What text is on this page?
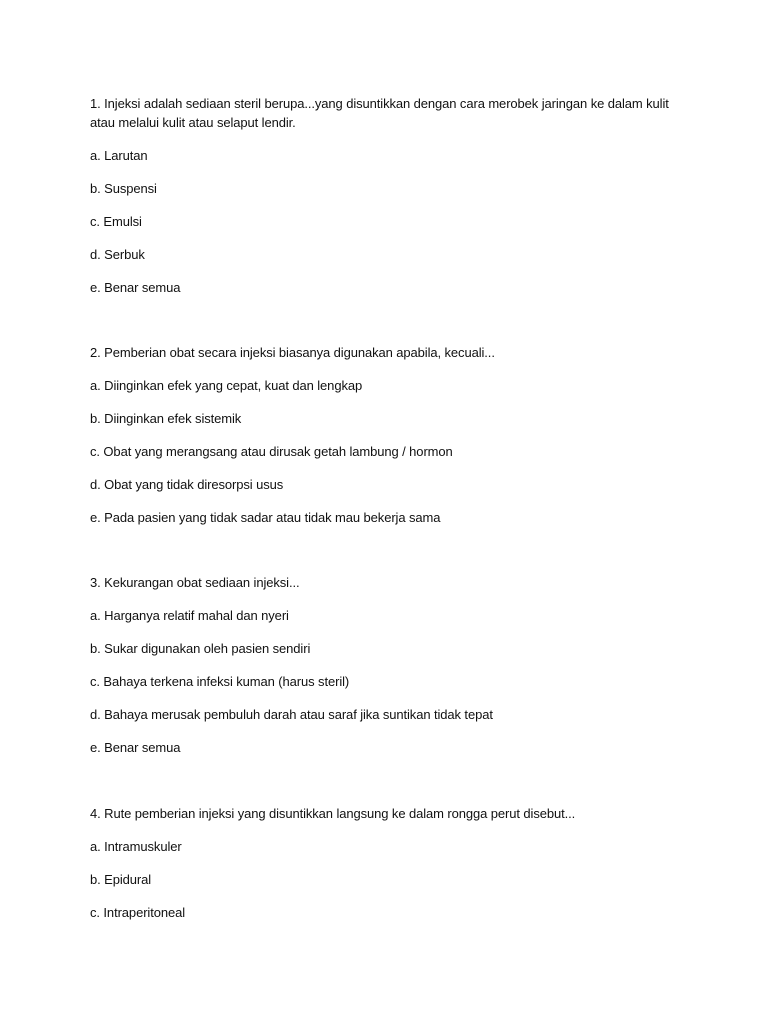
1. Injeksi adalah sediaan steril berupa...yang disuntikkan dengan cara merobek jaringan ke dalam kulit atau melalui kulit atau selaput lendir.

a. Larutan

b. Suspensi

c. Emulsi

d. Serbuk

e. Benar semua

2. Pemberian obat secara injeksi biasanya digunakan apabila, kecuali...

a. Diinginkan efek yang cepat, kuat dan lengkap

b. Diinginkan efek sistemik

c. Obat yang merangsang atau dirusak getah lambung / hormon

d. Obat yang tidak diresorpsi usus

e. Pada pasien yang tidak sadar atau tidak mau bekerja sama

3. Kekurangan obat sediaan injeksi...

a. Harganya relatif mahal dan nyeri

b. Sukar digunakan oleh pasien sendiri

c. Bahaya terkena infeksi kuman (harus steril)

d. Bahaya merusak pembuluh darah atau saraf jika suntikan tidak tepat

e. Benar semua

4. Rute pemberian injeksi yang disuntikkan langsung ke dalam rongga perut disebut...

a. Intramuskuler

b. Epidural

c. Intraperitoneal
